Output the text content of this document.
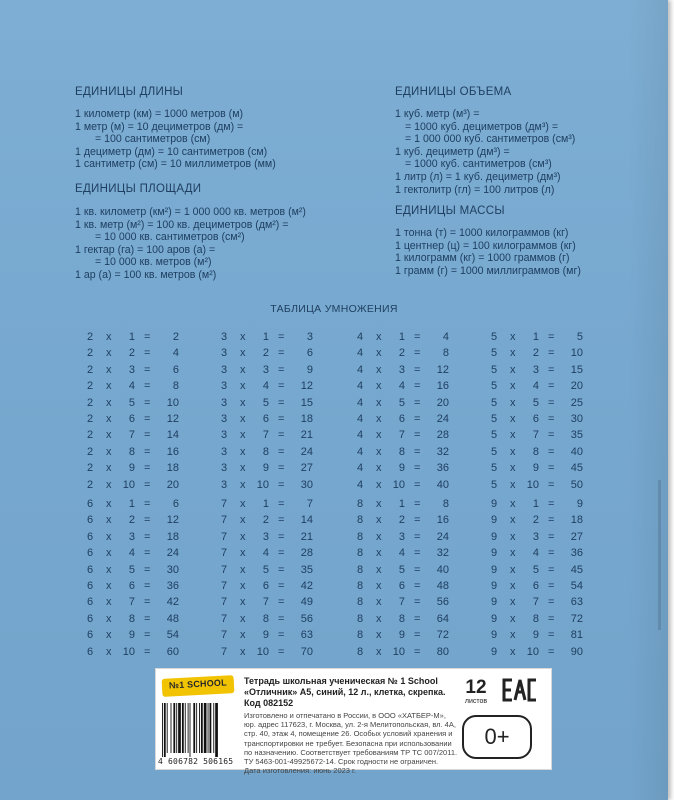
ЕДИНИЦЫ ДЛИНЫ
1 километр (км) = 1000 метров (м)
1 метр (м) = 10 дециметров (дм) =
= 100 сантиметров (см)
1 дециметр (дм) = 10 сантиметров (см)
1 сантиметр (см) = 10 миллиметров (мм)
ЕДИНИЦЫ ПЛОЩАДИ
1 кв. километр (км²) = 1 000 000 кв. метров (м²)
1 кв. метр (м²) = 100 кв. дециметров (дм²) =
= 10 000 кв. сантиметров (см²)
1 гектар (га) = 100 аров (а) =
= 10 000 кв. метров (м²)
1 ар (а) = 100 кв. метров (м²)
ЕДИНИЦЫ ОБЪЕМА
1 куб. метр (м³) =
= 1000 куб. дециметров (дм³) =
= 1 000 000 куб. сантиметров (см³)
1 куб. дециметр (дм³) =
= 1000 куб. сантиметров (см³)
1 литр (л) = 1 куб. дециметр (дм³)
1 гектолитр (гл) = 100 литров (л)
ЕДИНИЦЫ МАССЫ
1 тонна (т) = 1000 килограммов (кг)
1 центнер (ц) = 100 килограммов (кг)
1 килограмм (кг) = 1000 граммов (г)
1 грамм (г) = 1000 миллиграммов (мг)
ТАБЛИЦА УМНОЖЕНИЯ
2 x	1 =	2
2 x	2 =	4
2 x	3 =	6
2 x	4 =	8
2 x	5 =	10
2 x	6 =	12
2 x	7 =	14
2 x	8 =	16
2 x	9 =	18
2 x 10 =	20
3 x	1 =	3
3 x	2 =	6
3 x	3 =	9
3 x	4 =	12
3 x	5 =	15
3 x	6 =	18
3 x	7 =	21
3 x	8 =	24
3 x	9 =	27
3 x 10 =	30
4 x	1 =	4
4 x	2 =	8
4 x	3 =	12
4 x	4 =	16
4 x	5 =	20
4 x	6 =	24
4 x	7 =	28
4 x	8 =	32
4 x	9 =	36
4 x 10 =	40
5 x	1 =	5
5 x	2 =	10
5 x	3 =	15
5 x	4 =	20
5 x	5 =	25
5 x	6 =	30
5 x	7 =	35
5 x	8 =	40
5 x	9 =	45
5 x 10 =	50
6 x	1 =	6
6 x	2 =	12
6 x	3 =	18
6 x	4 =	24
6 x	5 =	30
6 x	6 =	36
6 x	7 =	42
6 x	8 =	48
6 x	9 =	54
6 x 10 =	60
7 x	1 =	7
7 x	2 =	14
7 x	3 =	21
7 x	4 =	28
7 x	5 =	35
7 x	6 =	42
7 x	7 =	49
7 x	8 =	56
7 x	9 =	63
7 x 10 =	70
8 x	1 =	8
8 x	2 =	16
8 x	3 =	24
8 x	4 =	32
8 x	5 =	40
8 x	6 =	48
8 x	7 =	56
8 x	8 =	64
8 x	9 =	72
8 x 10 =	80
9 x	1 =	9
9 x	2 =	18
9 x	3 =	27
9 x	4 =	36
9 x	5 =	45
9 x	6 =	54
9 x	7 =	63
9 x	8 =	72
9 x	9 =	81
9 x 10 =	90
№1 SCHOOL	Тетрадь школьная ученическая № 1 School
«Отличник» А5, синий, 12 л., клетка, скрепка.
Код 082152
Изготовлено и отпечатано в России, в ООО «ХАТБЕР-М»,
юр. адрес 117623, г. Москва, ул. 2-я Мелитопольская, вл. 4А,
стр. 40, этаж 4, помещение 26. Особых условий хранения и
транспортировки не требует. Безопасна при использовании
по назначению. Соответствует требованиям ТР ТС 007/2011.
ТУ 5463-001-49925672-14. Срок годности не ограничен.
Дата изготовления: июнь 2023 г.
12
листов
0+
4 606782 506165
